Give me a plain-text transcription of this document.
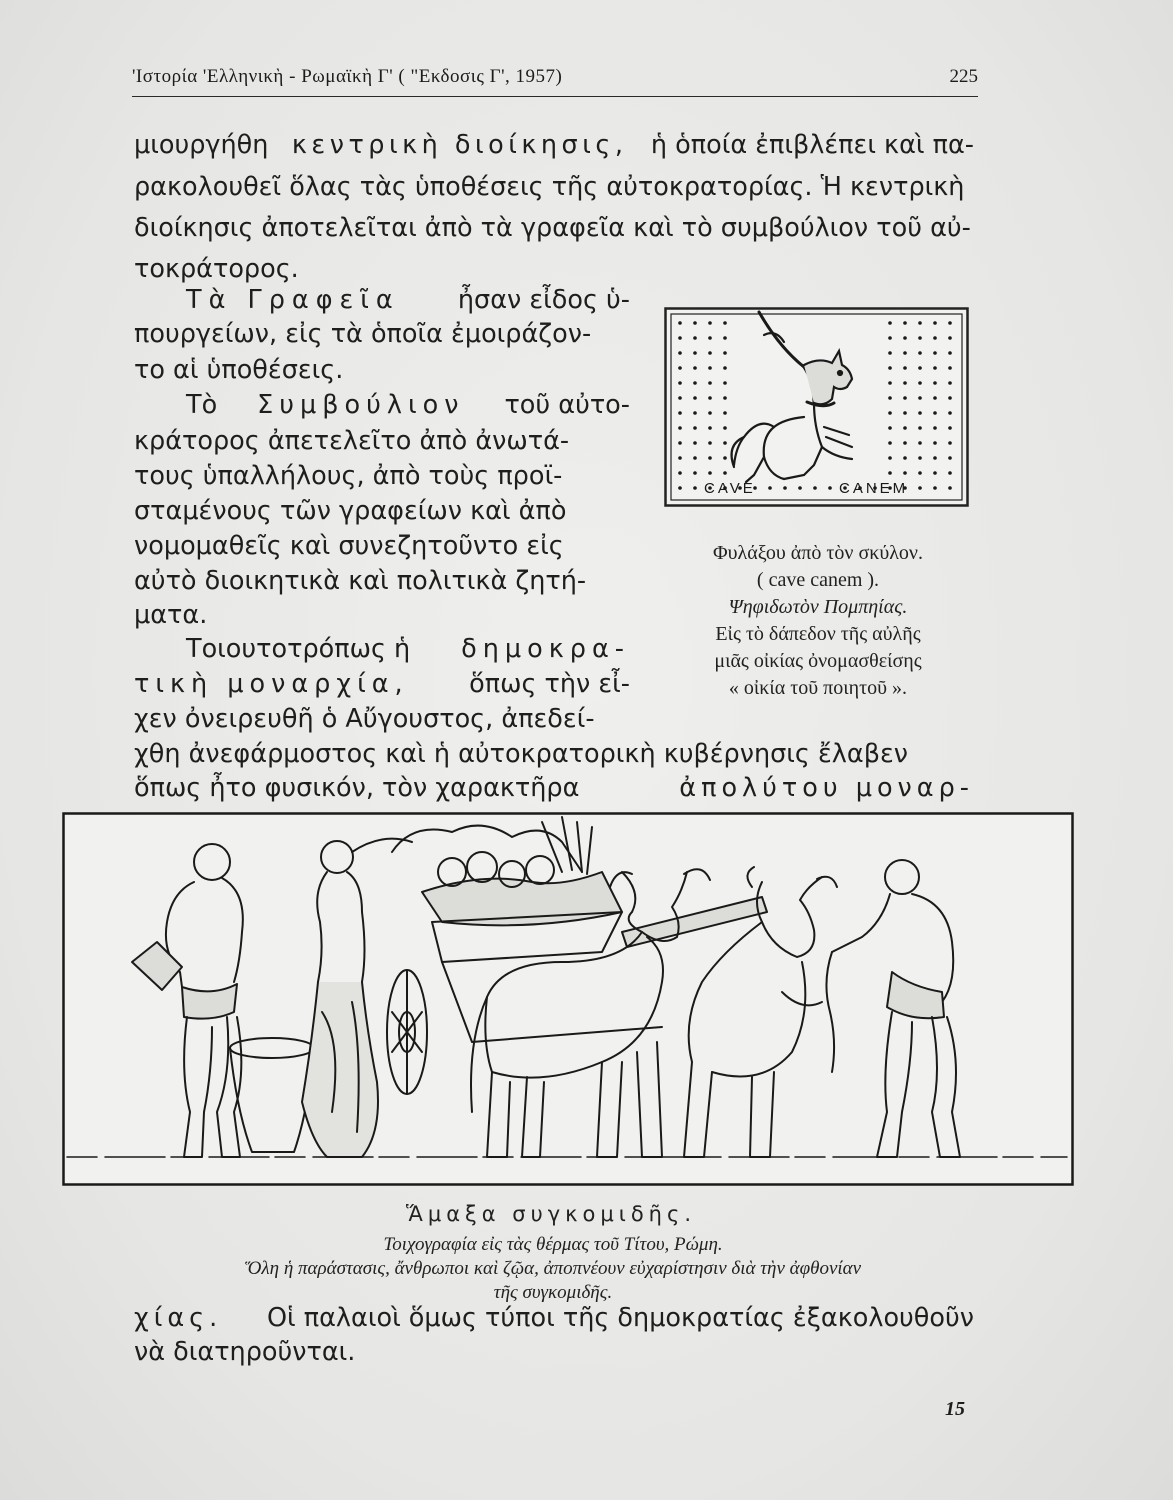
'Ιστορία 'Ελληνικὴ - Ρωμαϊκὴ Γ' ( "Εκδοσις Γ', 1957)	225
μιουργήθη κεντρικὴ διοίκησις, ἡ ὁποία ἐπιβλέπει καὶ πα-
ρακολουθεῖ ὅλας τὰς ὑποθέσεις τῆς αὐτοκρατορίας. Ἡ κεντρικὴ
διοίκησις ἀποτελεῖται ἀπὸ τὰ γραφεῖα καὶ τὸ συμβούλιον τοῦ αὐ-
τοκράτορος.
Τὰ Γραφεῖα ἦσαν εἶδος ὑ-
πουργείων, εἰς τὰ ὁποῖα ἐμοιράζον-
το αἱ ὑποθέσεις.
Τὸ Συμβούλιον τοῦ αὐτο-
κράτορος ἀπετελεῖτο ἀπὸ ἀνωτά-
τους ὑπαλλήλους, ἀπὸ τοὺς προϊ-
σταμένους τῶν γραφείων καὶ ἀπὸ
νομομαθεῖς καὶ συνεζητοῦντο εἰς
αὐτὸ διοικητικὰ καὶ πολιτικὰ ζητή-
ματα.
Τοιουτοτρόπως ἡ δημοκρα-
τικὴ μοναρχία, ὅπως τὴν εἶ-
χεν ὀνειρευθῆ ὁ Αὔγουστος, ἀπεδεί-
χθη ἀνεφάρμοστος καὶ ἡ αὐτοκρατορικὴ κυβέρνησις ἔλαβεν
ὅπως ἦτο φυσικόν, τὸν χαρακτῆρα	ἀπολύτου μοναρ-
CAVE	CANEM
Φυλάξου ἀπὸ τὸν σκύλον.
( cave canem ).
Ψηφιδωτὸν Πομπηίας.
Εἰς τὸ δάπεδον τῆς αὐλῆς
μιᾶς οἰκίας ὀνομασθείσης
« οἰκία τοῦ ποιητοῦ ».
Ἅμαξα συγκομιδῆς.
Τοιχογραφία εἰς τὰς θέρμας τοῦ Τίτου, Ρώμη.
Ὅλη ἡ παράστασις, ἄνθρωποι καὶ ζῷα, ἀποπνέουν εὐχαρίστησιν διὰ τὴν ἀφθονίαν
τῆς συγκομιδῆς.
χίας. Οἱ παλαιοὶ ὅμως τύποι τῆς δημοκρατίας ἐξακολουθοῦν
νὰ διατηροῦνται.
15
